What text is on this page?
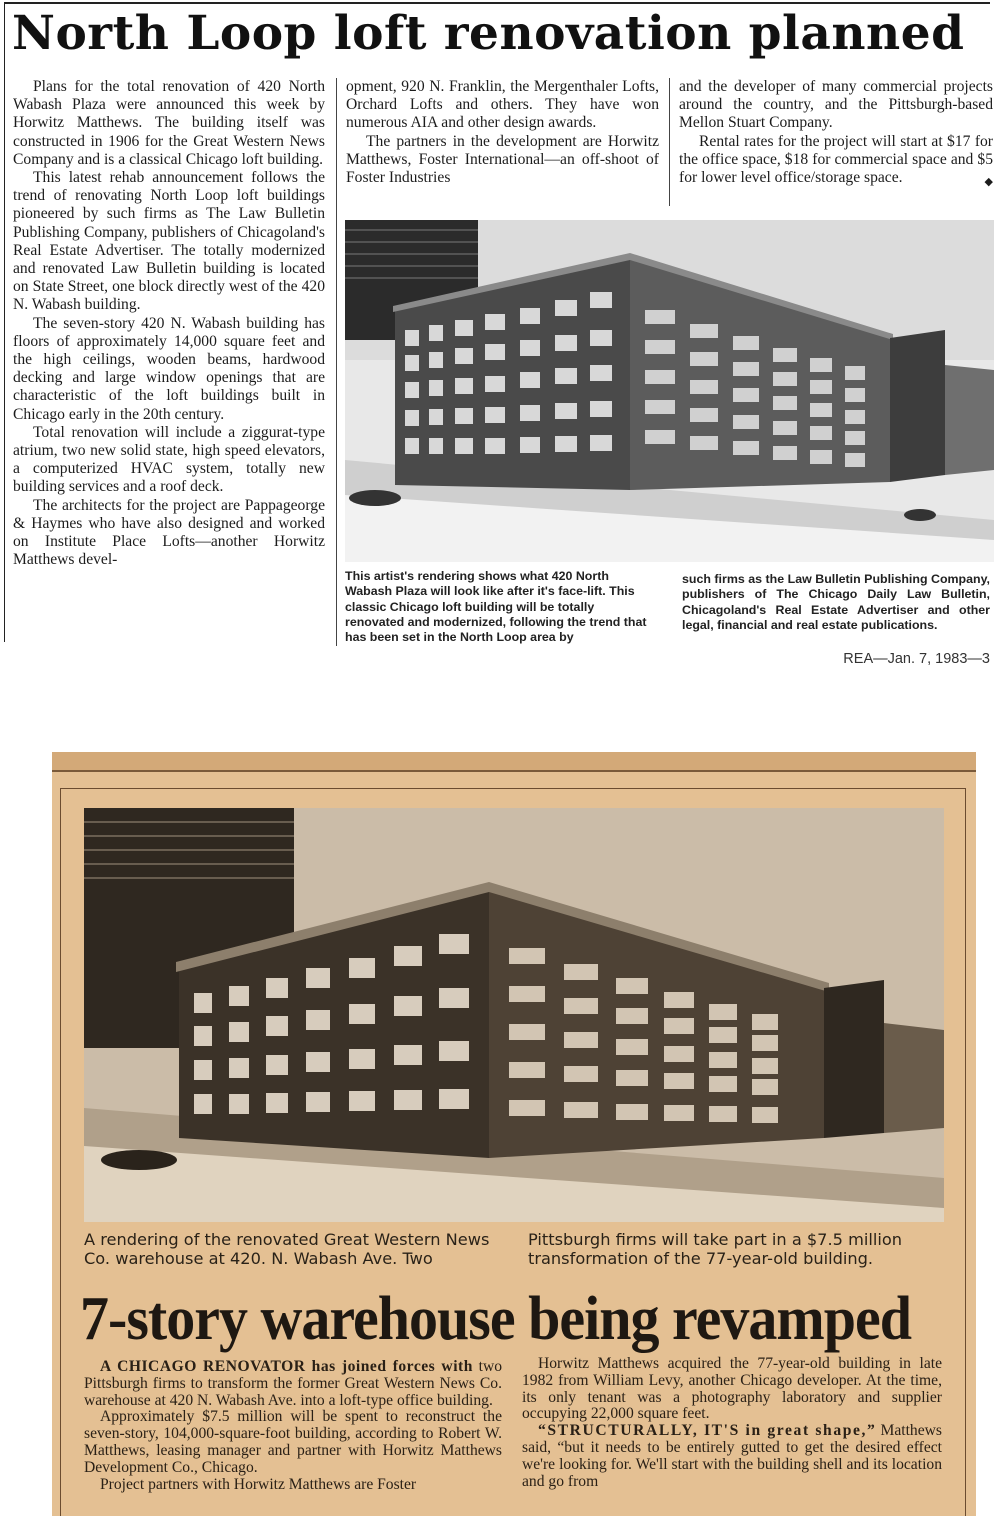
North Loop loft renovation planned

Plans for the total renovation of 420 North Wabash Plaza were announced this week by Horwitz Matthews. The building itself was constructed in 1906 for the Great Western News Company and is a classical Chicago loft building.

This latest rehab announcement follows the trend of renovating North Loop loft buildings pioneered by such firms as The Law Bulletin Publishing Company, publishers of Chicagoland's Real Estate Advertiser. The totally modernized and renovated Law Bulletin building is located on State Street, one block directly west of the 420 N. Wabash building.

The seven-story 420 N. Wabash building has floors of approximately 14,000 square feet and the high ceilings, wooden beams, hardwood decking and large window openings that are characteristic of the loft buildings built in Chicago early in the 20th century.

Total renovation will include a ziggurat-type atrium, two new solid state, high speed elevators, a computerized HVAC system, totally new building services and a roof deck.

The architects for the project are Pappageorge & Haymes who have also designed and worked on Institute Place Lofts—another Horwitz Matthews devel-

opment, 920 N. Franklin, the Mergenthaler Lofts, Orchard Lofts and others. They have won numerous AIA and other design awards.

The partners in the development are Horwitz Matthews, Foster International—an off-shoot of Foster Industries

and the developer of many commercial projects around the country, and the Pittsburgh-based Mellon Stuart Company.

Rental rates for the project will start at $17 for the office space, $18 for commercial space and $5 for lower level office/storage space.	◆

This artist's rendering shows what 420 North Wabash Plaza will look like after it's face-lift. This classic Chicago loft building will be totally renovated and modernized, following the trend that has been set in the North Loop area by

such firms as the Law Bulletin Publishing Company, publishers of The Chicago Daily Law Bulletin, Chicagoland's Real Estate Advertiser and other legal, financial and real estate publications.

REA—Jan. 7, 1983—3

A rendering of the renovated Great Western News Co. warehouse at 420. N. Wabash Ave. Two

Pittsburgh firms will take part in a $7.5 million transformation of the 77-year-old building.

7-story warehouse being revamped

A CHICAGO RENOVATOR has joined forces with two Pittsburgh firms to transform the former Great Western News Co. warehouse at 420 N. Wabash Ave. into a loft-type office building.

Approximately $7.5 million will be spent to reconstruct the seven-story, 104,000-square-foot building, according to Robert W. Matthews, leasing manager and partner with Horwitz Matthews Development Co., Chicago.

Project partners with Horwitz Matthews are Foster

Horwitz Matthews acquired the 77-year-old building in late 1982 from William Levy, another Chicago developer. At the time, its only tenant was a photography laboratory and supplier occupying 22,000 square feet.

“STRUCTURALLY, IT'S in great shape,” Matthews said, “but it needs to be entirely gutted to get the desired effect we're looking for. We'll start with the building shell and its location and go from
